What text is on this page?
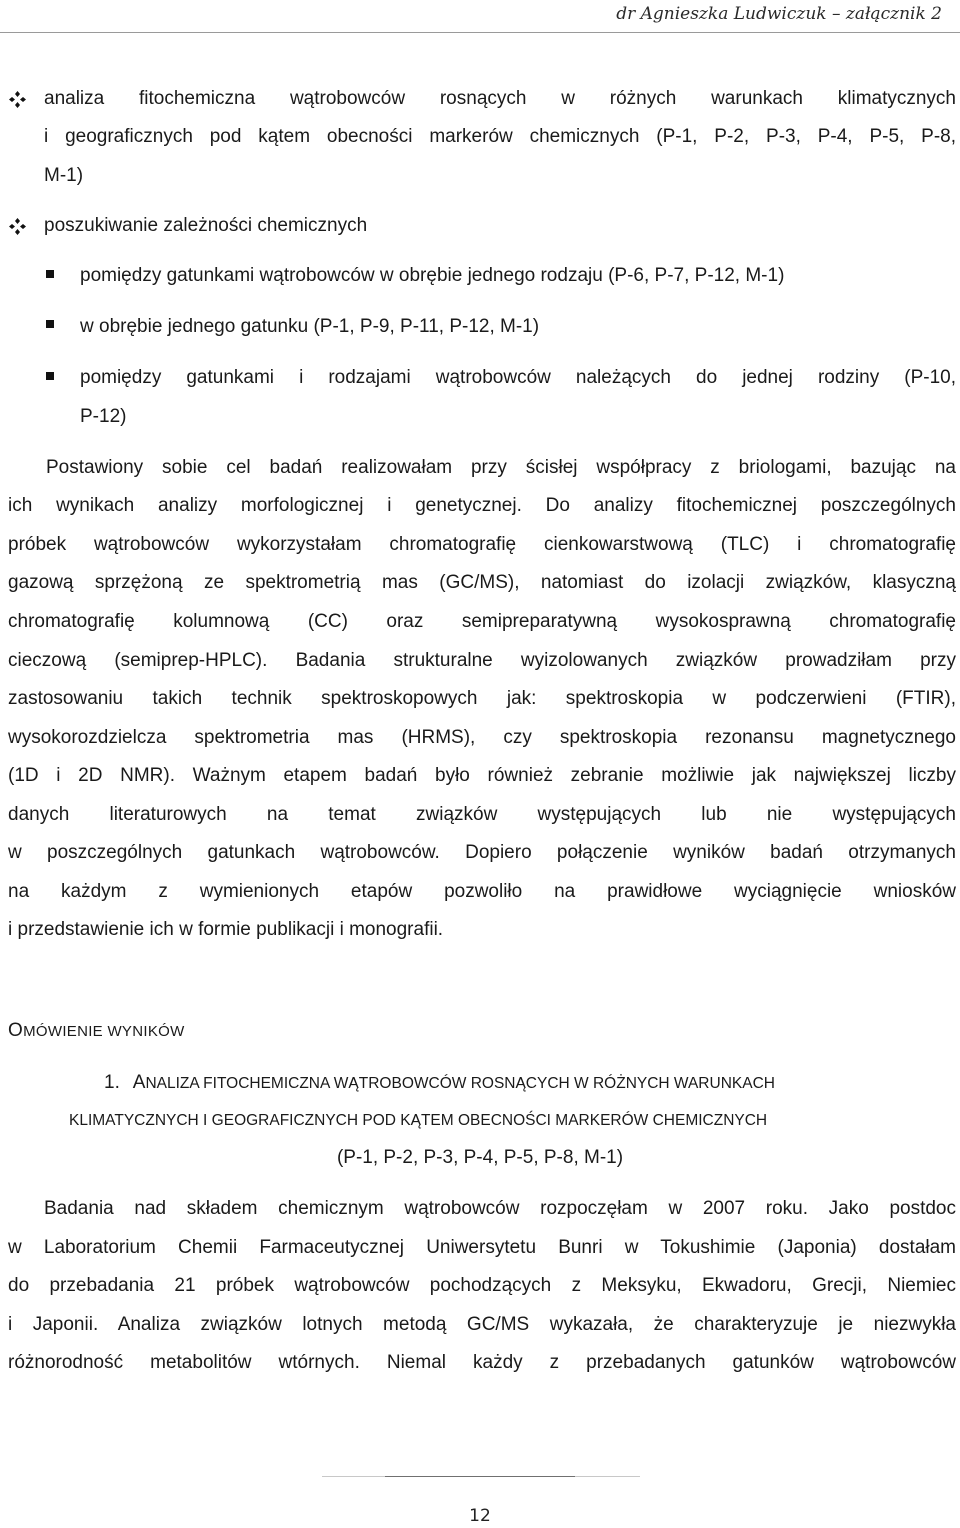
dr Agnieszka Ludwiczuk – załącznik 2
analiza fitochemiczna wątrobowców rosnących w różnych warunkach klimatycznych
i geograficznych pod kątem obecności markerów chemicznych (P-1, P-2, P-3, P-4, P-5, P-8,
M-1)
poszukiwanie zależności chemicznych
pomiędzy gatunkami wątrobowców w obrębie jednego rodzaju (P-6, P-7, P-12, M-1)
w obrębie jednego gatunku (P-1, P-9, P-11, P-12, M-1)
pomiędzy gatunkami i rodzajami wątrobowców należących do jednej rodziny (P-10,
P-12)
Postawiony sobie cel badań realizowałam przy ścisłej współpracy z briologami, bazując na
ich wynikach analizy morfologicznej i genetycznej. Do analizy fitochemicznej poszczególnych
próbek wątrobowców wykorzystałam chromatografię cienkowarstwową (TLC) i chromatografię
gazową sprzężoną ze spektrometrią mas (GC/MS), natomiast do izolacji związków, klasyczną
chromatografię kolumnową (CC) oraz semipreparatywną wysokosprawną chromatografię
cieczową (semiprep-HPLC). Badania strukturalne wyizolowanych związków prowadziłam przy
zastosowaniu takich technik spektroskopowych jak: spektroskopia w podczerwieni (FTIR),
wysokorozdzielcza spektrometria mas (HRMS), czy spektroskopia rezonansu magnetycznego
(1D i 2D NMR). Ważnym etapem badań było również zebranie możliwie jak największej liczby
danych literaturowych na temat związków występujących lub nie występujących
w poszczególnych gatunkach wątrobowców. Dopiero połączenie wyników badań otrzymanych
na każdym z wymienionych etapów pozwoliło na prawidłowe wyciągnięcie wniosków
i przedstawienie ich w formie publikacji i monografii.
OMÓWIENIE WYNIKÓW
1. ANALIZA FITOCHEMICZNA WĄTROBOWCÓW ROSNĄCYCH W RÓŻNYCH WARUNKACH
KLIMATYCZNYCH I GEOGRAFICZNYCH POD KĄTEM OBECNOŚCI MARKERÓW CHEMICZNYCH
(P-1, P-2, P-3, P-4, P-5, P-8, M-1)
Badania nad składem chemicznym wątrobowców rozpoczęłam w 2007 roku. Jako postdoc
w Laboratorium Chemii Farmaceutycznej Uniwersytetu Bunri w Tokushimie (Japonia) dostałam
do przebadania 21 próbek wątrobowców pochodzących z Meksyku, Ekwadoru, Grecji, Niemiec
i Japonii. Analiza związków lotnych metodą GC/MS wykazała, że charakteryzuje je niezwykła
różnorodność metabolitów wtórnych. Niemal każdy z przebadanych gatunków wątrobowców
12
